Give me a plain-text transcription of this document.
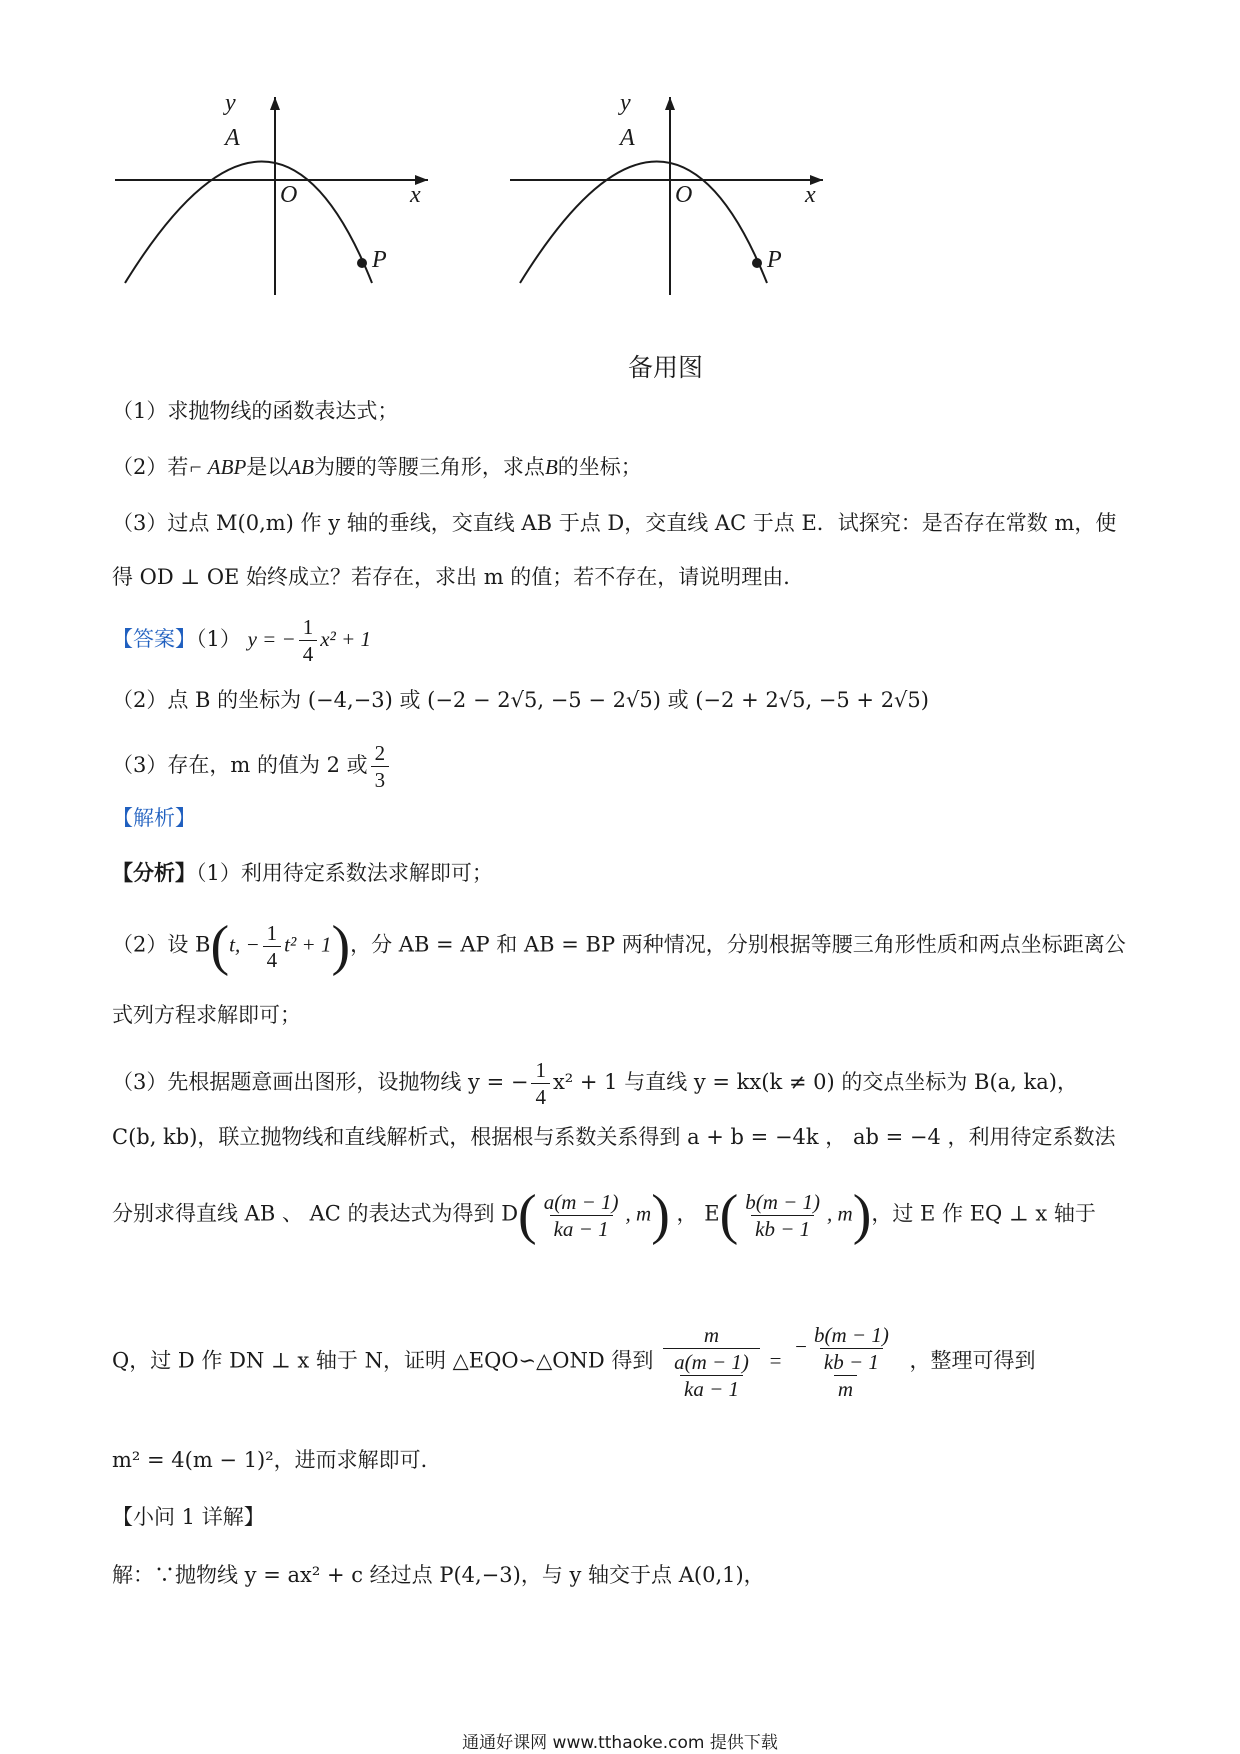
y
x
O
A
P
y
x
O
A
P
备用图
（1）求抛物线的函数表达式；
（2）若⌐ ABP是以AB为腰的等腰三角形，求点B的坐标；
（3）过点 M(0,m) 作 y 轴的垂线，交直线 AB 于点 D，交直线 AC 于点 E．试探究：是否存在常数 m，使
得 OD ⊥ OE 始终成立？若存在，求出 m 的值；若不存在，请说明理由．
【答案】（1） y = − $\frac{1}{4} x^2 + 1$
（2）点 B 的坐标为 (−4,−3) 或 (−2 − 2√5, −5 − 2√5) 或 (−2 + 2√5, −5 + 2√5)
（3）存在，m 的值为 2 或 $\frac{2}{3}$
【解析】
【分析】（1）利用待定系数法求解即可；
（2）设 B(t, − $\frac{1}{4} t^2 + 1$)，分 AB = AP 和 AB = BP 两种情况，分别根据等腰三角形性质和两点坐标距离公
式列方程求解即可；
（3）先根据题意画出图形，设抛物线 y = − $\frac{1}{4} x^2 + 1$ 与直线 y = kx(k ≠ 0) 的交点坐标为 B(a, ka)，
C(b, kb)，联立抛物线和直线解析式，根据根与系数关系得到 a + b = −4k ， ab = −4 ，利用待定系数法
分别求得直线 AB 、 AC 的表达式为得到 $D( \frac{a(m - 1)}{ka - 1}$ , m) ， $E( \frac{b(m - 1)}{kb - 1}$ , m)，过 E 作 EQ ⊥ x 轴于
Q，过 D 作 DN ⊥ x 轴于 N，证明 △EQO∽△OND 得到 $\frac{m}{\frac{a(m - 1)}{ka - 1}} = \frac{- \frac{b(m - 1)}{kb - 1}}{m}$ ，整理可得到
m² = 4(m − 1)²，进而求解即可．
【小问 1 详解】
解：∵抛物线 y = ax² + c 经过点 P(4,−3)，与 y 轴交于点 A(0,1)，
通通好课网 www.tthaoke.com 提供下载
